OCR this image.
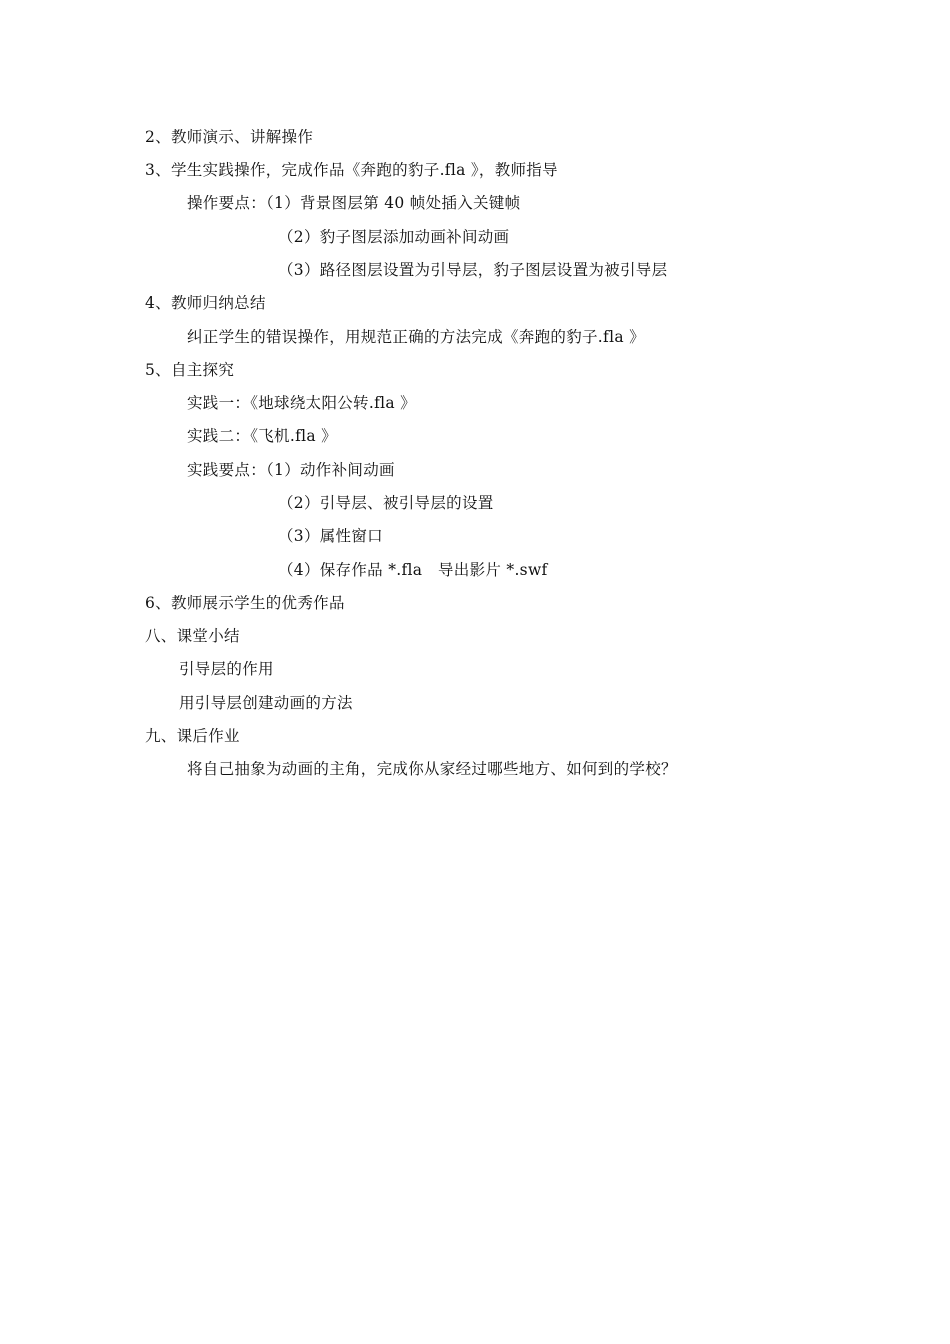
2、教师演示、讲解操作
3、学生实践操作，完成作品《奔跑的豹子.fla 》，教师指导
操作要点：（1）背景图层第 40 帧处插入关键帧
（2）豹子图层添加动画补间动画
（3）路径图层设置为引导层，豹子图层设置为被引导层
4、教师归纳总结
纠正学生的错误操作，用规范正确的方法完成《奔跑的豹子.fla 》
5、自主探究
实践一：《地球绕太阳公转.fla 》
实践二：《飞机.fla 》
实践要点：（1）动作补间动画
（2）引导层、被引导层的设置
（3）属性窗口
（4）保存作品 *.fla   导出影片 *.swf
6、教师展示学生的优秀作品
八、课堂小结
引导层的作用
用引导层创建动画的方法
九、课后作业
将自己抽象为动画的主角，完成你从家经过哪些地方、如何到的学校？
